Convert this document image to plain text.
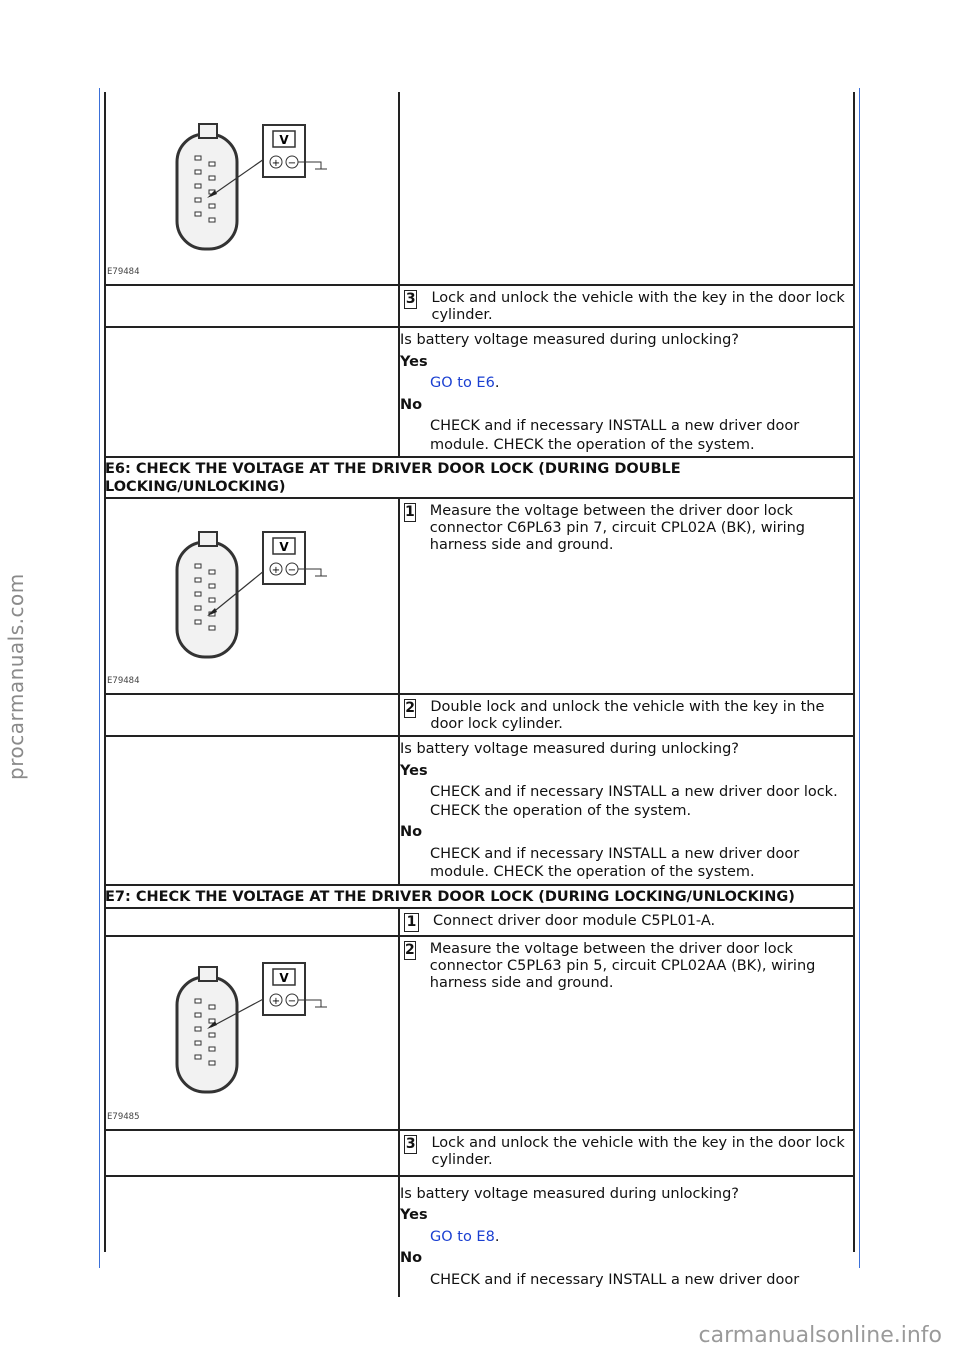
procarmanuals.com
carmanualsonline.info
V
+ −
E79484
3 Lock and unlock the vehicle with the key in the door lock cylinder.
Is battery voltage measured during unlocking?
Yes
GO to E6.
No
CHECK and if necessary INSTALL a new driver door module. CHECK the operation of the system.
E6: CHECK THE VOLTAGE AT THE DRIVER DOOR LOCK (DURING DOUBLE LOCKING/UNLOCKING)
V
+ −
E79484
1 Measure the voltage between the driver door lock connector C6PL63 pin 7, circuit CPL02A (BK), wiring harness side and ground.
2 Double lock and unlock the vehicle with the key in the door lock cylinder.
Is battery voltage measured during unlocking?
Yes
CHECK and if necessary INSTALL a new driver door lock. CHECK the operation of the system.
No
CHECK and if necessary INSTALL a new driver door module. CHECK the operation of the system.
E7: CHECK THE VOLTAGE AT THE DRIVER DOOR LOCK (DURING LOCKING/UNLOCKING)
1 Connect driver door module C5PL01-A.
V
+ −
E79485
2 Measure the voltage between the driver door lock connector C5PL63 pin 5, circuit CPL02AA (BK), wiring harness side and ground.
3 Lock and unlock the vehicle with the key in the door lock cylinder.
Is battery voltage measured during unlocking?
Yes
GO to E8.
No
CHECK and if necessary INSTALL a new driver door
